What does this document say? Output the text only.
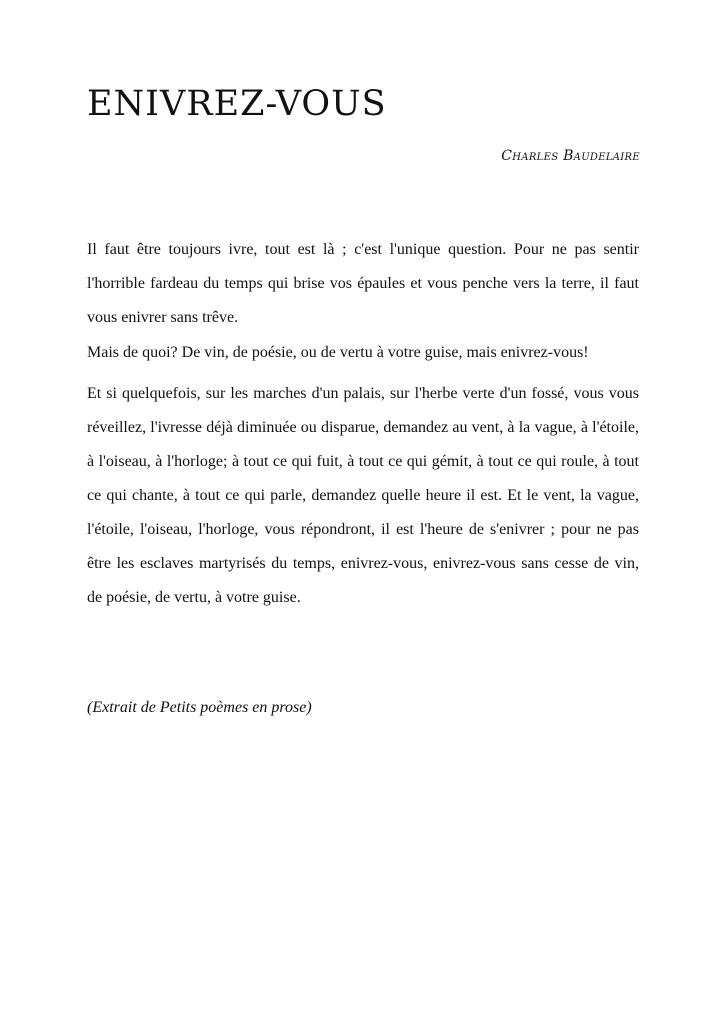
ENIVREZ-VOUS
Charles Baudelaire

Il faut être toujours ivre, tout est là ; c'est l'unique question. Pour ne pas sentir l'horrible fardeau du temps qui brise vos épaules et vous penche vers la terre, il faut vous enivrer sans trêve.

Mais de quoi? De vin, de poésie, ou de vertu à votre guise, mais enivrez-vous!

Et si quelquefois, sur les marches d'un palais, sur l'herbe verte d'un fossé, vous vous réveillez, l'ivresse déjà diminuée ou disparue, demandez au vent, à la vague, à l'étoile, à l'oiseau, à l'horloge; à tout ce qui fuit, à tout ce qui gémit, à tout ce qui roule, à tout ce qui chante, à tout ce qui parle, demandez quelle heure il est. Et le vent, la vague, l'étoile, l'oiseau, l'horloge, vous répondront, il est l'heure de s'enivrer ; pour ne pas être les esclaves martyrisés du temps, enivrez-vous, enivrez-vous sans cesse de vin, de poésie, de vertu, à votre guise.

(Extrait de Petits poèmes en prose)
